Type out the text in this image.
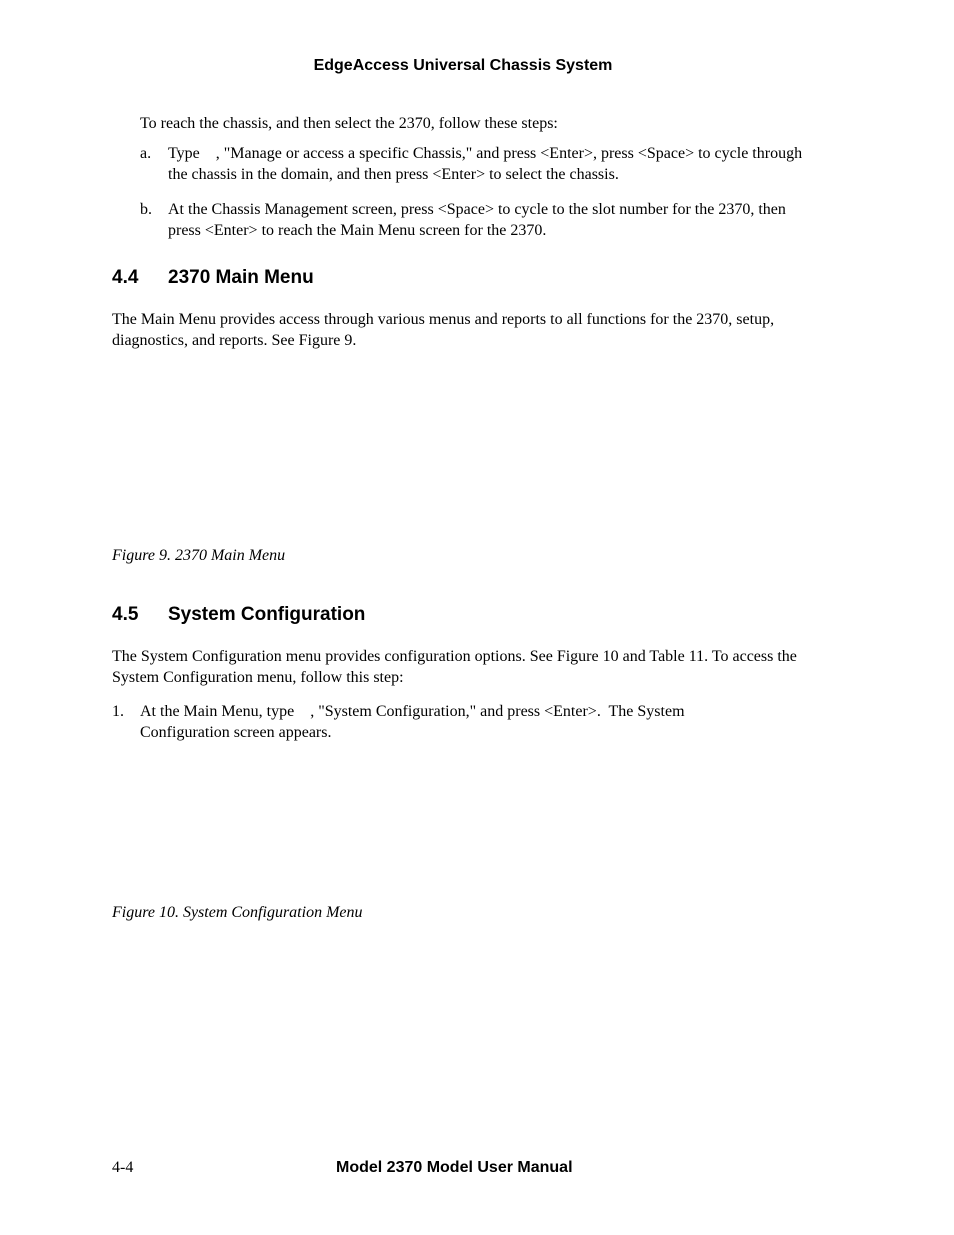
EdgeAccess Universal Chassis System
To reach the chassis, and then select the 2370, follow these steps:
a. Type    , "Manage or access a specific Chassis," and press <Enter>, press <Space> to cycle through the chassis in the domain, and then press <Enter> to select the chassis.
b. At the Chassis Management screen, press <Space> to cycle to the slot number for the 2370, then press <Enter> to reach the Main Menu screen for the 2370.
4.4 2370 Main Menu
The Main Menu provides access through various menus and reports to all functions for the 2370, setup, diagnostics, and reports. See Figure 9.
Figure 9. 2370 Main Menu
4.5 System Configuration
The System Configuration menu provides configuration options. See Figure 10 and Table 11. To access the System Configuration menu, follow this step:
1. At the Main Menu, type    , "System Configuration," and press <Enter>.  The System Configuration screen appears.
Figure 10. System Configuration Menu
4-4	Model 2370 Model User Manual
